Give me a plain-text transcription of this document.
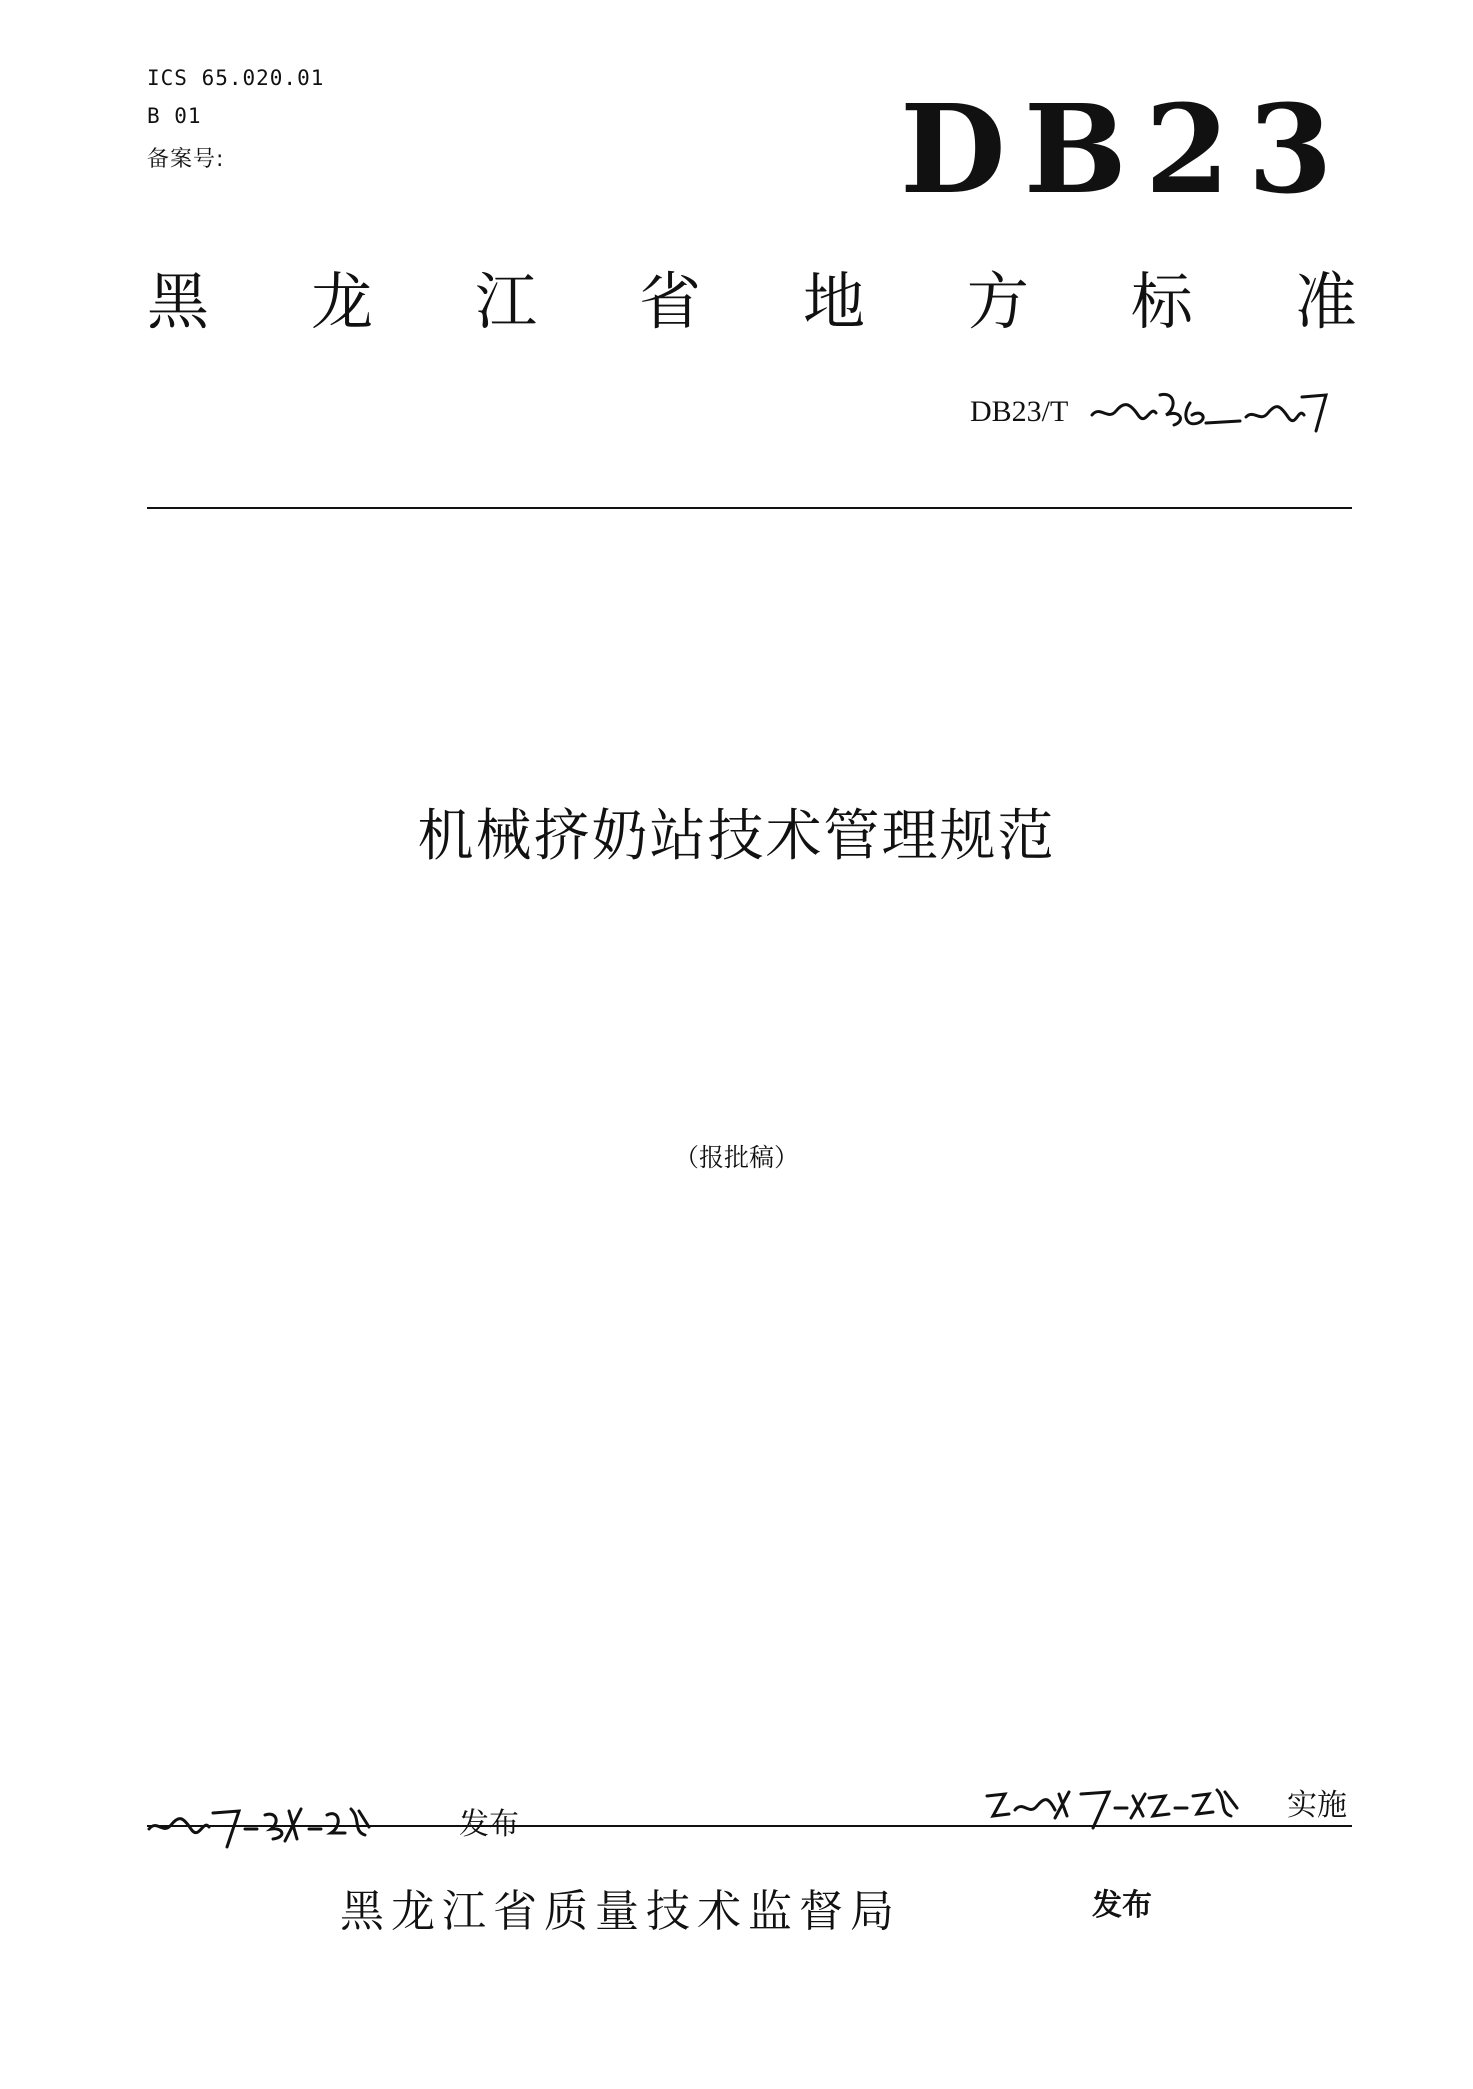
ICS 65.020.01
B 01
备案号:	DB23
黑 龙 江 省 地 方 标 准
DB23/T
机械挤奶站技术管理规范
（报批稿）
发布
实施
黑龙江省质量技术监督局	发布
